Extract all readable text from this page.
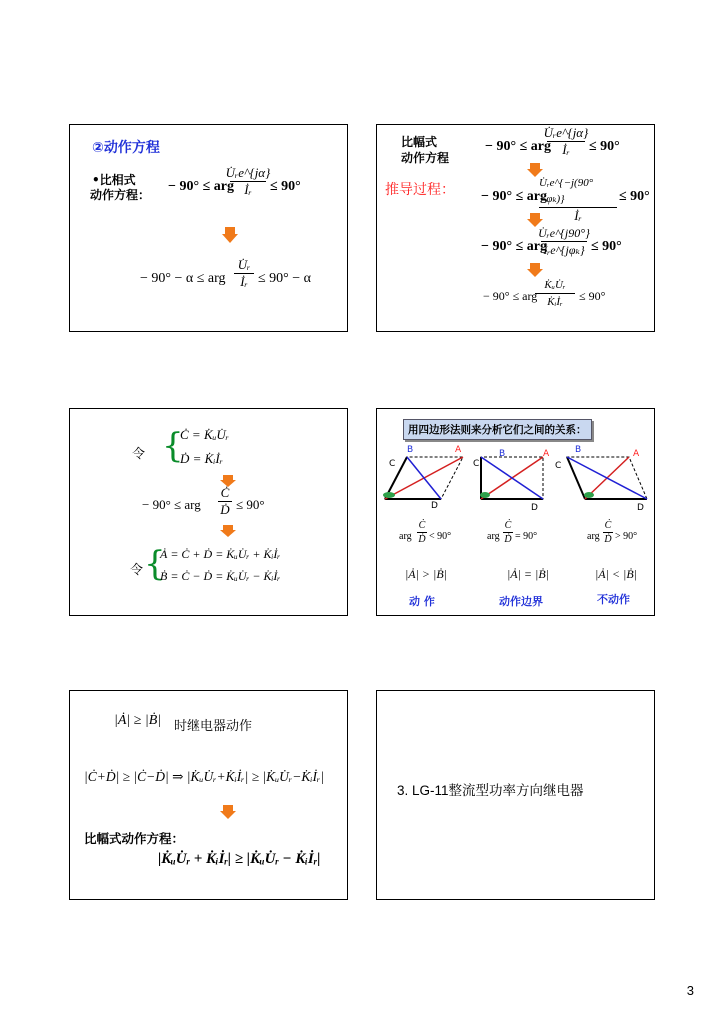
②动作方程
•比相式
动作方程：
− 90° ≤ arg
U̇ᵣe^{jα}
İᵣ ≤ 90°
− 90° − α ≤ arg
U̇ᵣ
İᵣ ≤ 90° − α
比幅式
动作方程
− 90° ≤ arg
U̇ᵣe^{jα}
İᵣ ≤ 90°
推导过程： − 90° ≤ arg
U̇ᵣe^{−j(90°−φₖ)}
İᵣ
≤ 90°
− 90° ≤ arg
U̇ᵣe^{j90°}
İᵣe^{jφₖ} ≤ 90°
− 90° ≤ arg
K̇ᵤU̇ᵣ
K̇ᵢİᵣ ≤ 90°
令 {
Ċ = K̇ᵤU̇ᵣ
Ḋ = K̇ᵢİᵣ
− 90° ≤ arg
Ċ
Ḋ ≤ 90°
令 {
Ȧ = Ċ + Ḋ = K̇ᵤU̇ᵣ + K̇ᵢİᵣ
Ḃ = Ċ − Ḋ = K̇ᵤU̇ᵣ − K̇ᵢİᵣ
用四边形法则来分析它们之间的关系：
B	A
C
D
B	A
C
D
B	A
C
D
arg
Ċ
Ḋ < 90°	arg
Ċ
Ḋ = 90°	arg
Ċ
Ḋ > 90°
|Ȧ| > |Ḃ|	|Ȧ| = |Ḃ|	|Ȧ| < |Ḃ|
动 作	动作边界	不动作
|Ȧ| ≥ |Ḃ| 时继电器动作
|Ċ+Ḋ| ≥ |Ċ−Ḋ| ⇒ |K̇ᵤU̇ᵣ+K̇ᵢİᵣ| ≥ |K̇ᵤU̇ᵣ−K̇ᵢİᵣ|
比幅式动作方程：
|K̇ᵤU̇ᵣ + K̇ᵢİᵣ| ≥ |K̇ᵤU̇ᵣ − K̇ᵢİᵣ|
3. LG-11整流型功率方向继电器
3
